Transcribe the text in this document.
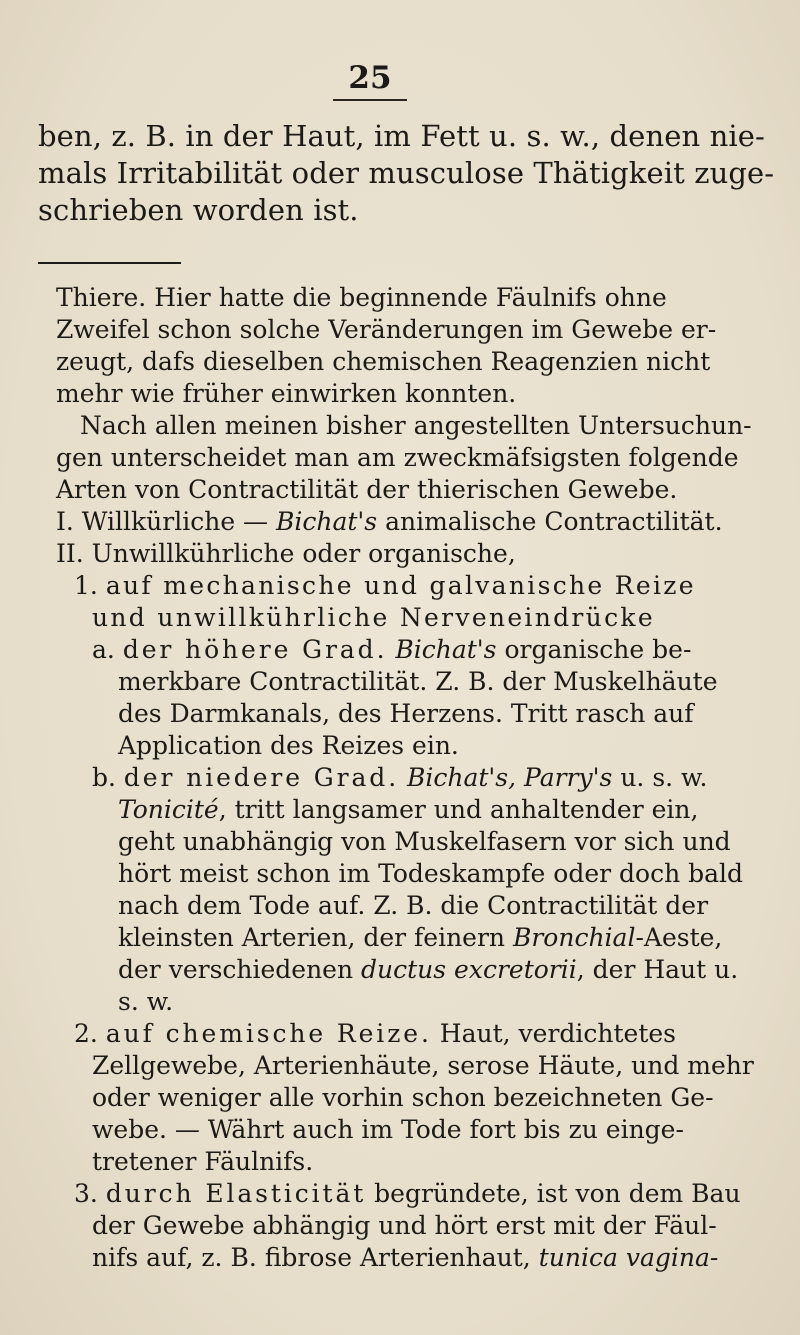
25
ben, z. B. in der Haut, im Fett u. s. w., denen nie-
mals Irritabilität oder musculose Thätigkeit zuge-
schrieben worden ist.
Thiere. Hier hatte die beginnende Fäulnifs ohne
Zweifel schon solche Veränderungen im Gewebe er-
zeugt, dafs dieselben chemischen Reagenzien nicht
mehr wie früher einwirken konnten.
Nach allen meinen bisher angestellten Untersuchun-
gen unterscheidet man am zweckmäfsigsten folgende
Arten von Contractilität der thierischen Gewebe.
I. Willkürliche — Bichat's animalische Contractilität.
II. Unwillkührliche oder organische,
1. auf mechanische und galvanische Reize
und unwillkührliche Nerveneindrücke
a. der höhere Grad. Bichat's organische be-
merkbare Contractilität. Z. B. der Muskelhäute
des Darmkanals, des Herzens. Tritt rasch auf
Application des Reizes ein.
b. der niedere Grad. Bichat's, Parry's u. s. w.
Tonicité, tritt langsamer und anhaltender ein,
geht unabhängig von Muskelfasern vor sich und
hört meist schon im Todeskampfe oder doch bald
nach dem Tode auf. Z. B. die Contractilität der
kleinsten Arterien, der feinern Bronchial-Aeste,
der verschiedenen ductus excretorii, der Haut u.
s. w.
2. auf chemische Reize. Haut, verdichtetes
Zellgewebe, Arterienhäute, serose Häute, und mehr
oder weniger alle vorhin schon bezeichneten Ge-
webe. — Währt auch im Tode fort bis zu einge-
tretener Fäulnifs.
3. durch Elasticität begründete, ist von dem Bau
der Gewebe abhängig und hört erst mit der Fäul-
nifs auf, z. B. fibrose Arterienhaut, tunica vagina-
